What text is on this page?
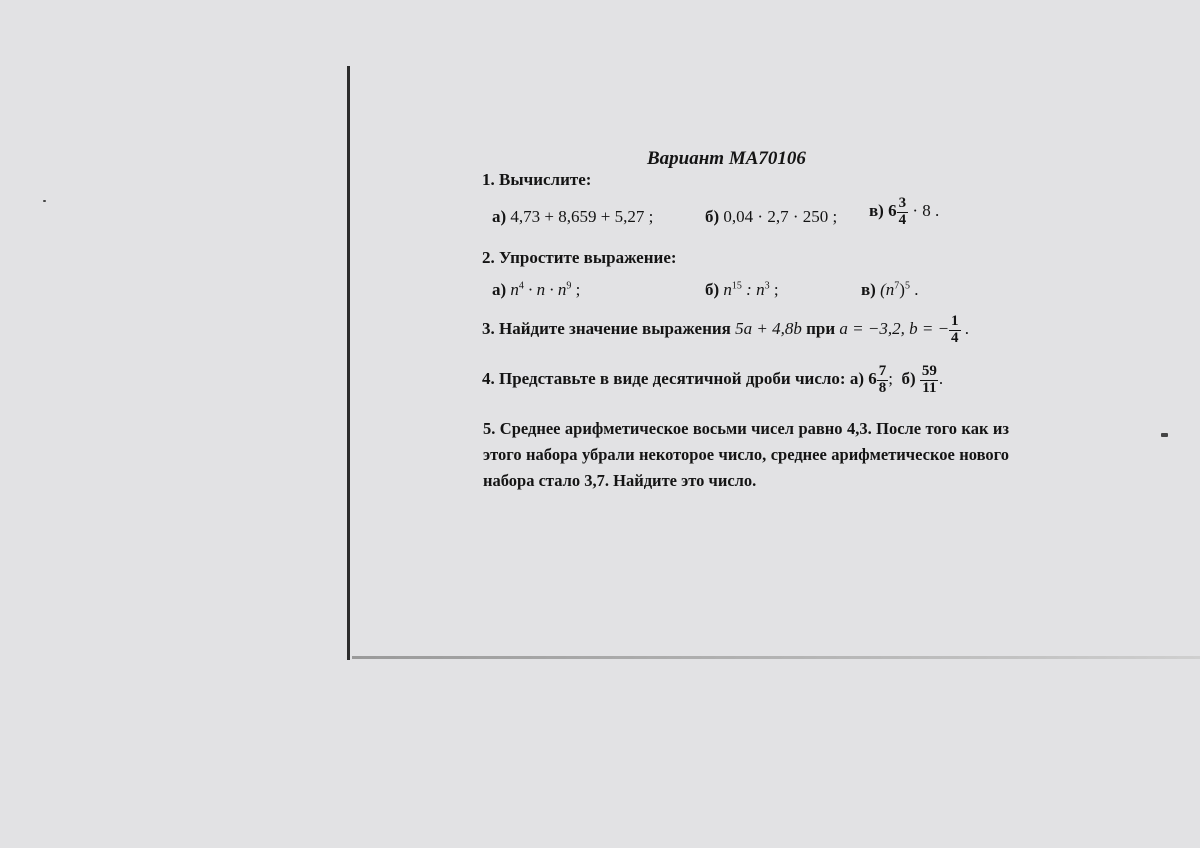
Вариант МА70106
1. Вычислите:
а) 4,73 + 8,659 + 5,27 ;	б) 0,04 · 2,7 · 250 ; в) $6 \frac{3}{4} \cdot 8$ .
2. Упростите выражение:
а) $n^4 \cdot n \cdot n^9$ ;	б) $n^{15}$ : $n^3$ ;	в) $(n^7)^5$ .
3. Найдите значение выражения 5a + 4,8b при a = −3,2, b = − $\frac{1}{4}$ .
4. Представьте в виде десятичной дроби число: а) $6 \frac{7}{8}$ ; $б) \frac{59}{11}$ .
5. Среднее арифметическое восьми чисел равно 4,3. После того как из этого набора убрали некоторое число, среднее арифметическое нового набора стало 3,7. Найдите это число.
